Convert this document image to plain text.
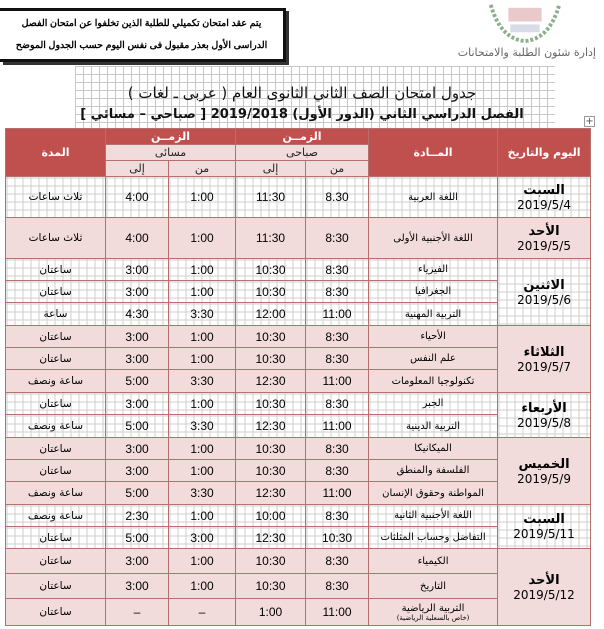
يتم عقد امتحان تكميلي للطلبة الذين تخلفوا عن امتحان الفصل
الدراسى الأول بعذر مقبول فى نفس اليوم حسب الجدول الموضح
إدارة شئون الطلبة والامتحانات
جدول امتحان الصف الثاني الثانوى العام ( عربى ـ لغات )
الفصل الدراسي الثاني (الدور الأول) 2019/2018 [ صباحي – مسائي ]	+
اليوم والتاريخ	المــادة	الزمــن		الزمــن		المدة
		صباحى		مسائى		
		من	إلى	من	إلى	

السبت
2019/5/4	اللغة العربية	8.30	11:30	1:00	4:00	ثلاث ساعات

الأحد
2019/5/5	اللغة الأجنبية الأولى	8:30	11:30	1:00	4:00	ثلاث ساعات

الاثنين
2019/5/6	الفيزياء	8:30	10:30	1:00	3:00	ساعتان
	الجغرافيا	8:30	10:30	1:00	3:00	ساعتان
	التربية المهنية	11:00	12:00	3:30	4:30	ساعة

الثلاثاء
2019/5/7	الأحياء	8:30	10:30	1:00	3:00	ساعتان
	علم النفس	8:30	10:30	1:00	3:00	ساعتان
	تكنولوجيا المعلومات	11:00	12:30	3:30	5:00	ساعة ونصف

الأربعاء
2019/5/8	الجبر	8:30	10:30	1:00	3:00	ساعتان
	التربية الدينية	11:00	12:30	3:30	5:00	ساعة ونصف

الخميس
2019/5/9	الميكانيكا	8:30	10:30	1:00	3:00	ساعتان
	الفلسفة والمنطق	8:30	10:30	1:00	3:00	ساعتان
	المواطنة وحقوق الإنسان	11:00	12:30	3:30	5:00	ساعة ونصف

السبت
2019/5/11	اللغة الأجنبية الثانية	8:30	10:00	1:00	2:30	ساعة ونصف
	التفاضل وحساب المثلثات	10:30	12:30	3:00	5:00	ساعتان

الأحد
2019/5/12	الكيمياء	8:30	10:30	1:00	3:00	ساعتان
	التاريخ	8:30	10:30	1:00	3:00	ساعتان
	التربية الرياضية
(خاص بالسعلية الرياضية)	11:00	1:00	–	–	ساعتان
